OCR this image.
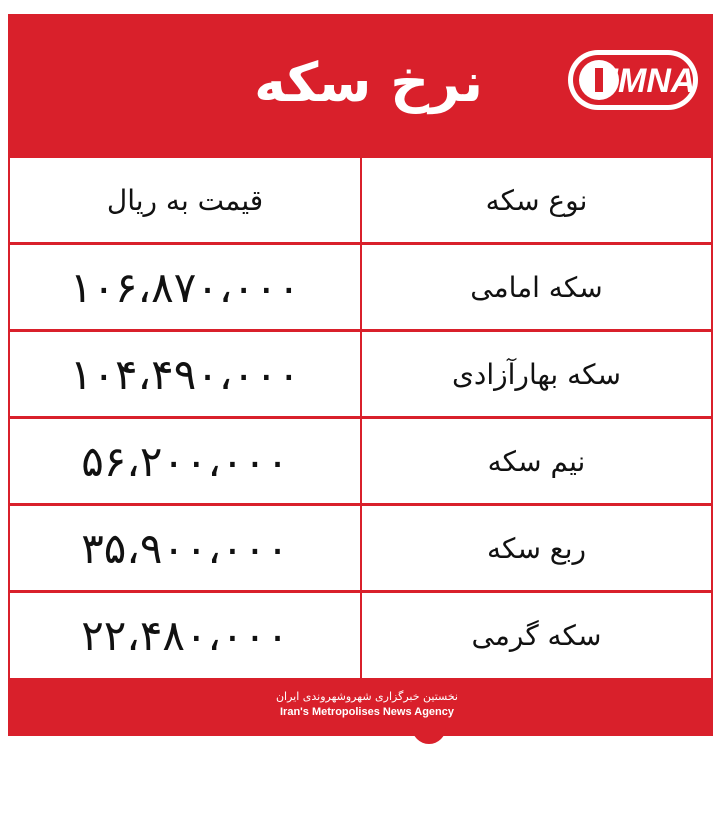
نرخ سکه	IMNA
نوع سکه
قیمت به ریال
سکه امامی
۱۰۶،۸۷۰،۰۰۰
سکه بهارآزادی
۱۰۴،۴۹۰،۰۰۰
نیم سکه
۵۶،۲۰۰،۰۰۰
ربع سکه
۳۵،۹۰۰،۰۰۰
سکه گرمی
۲۲،۴۸۰،۰۰۰
نخستین خبرگزاری شهروشهروندی ایران
Iran's Metropolises News Agency
